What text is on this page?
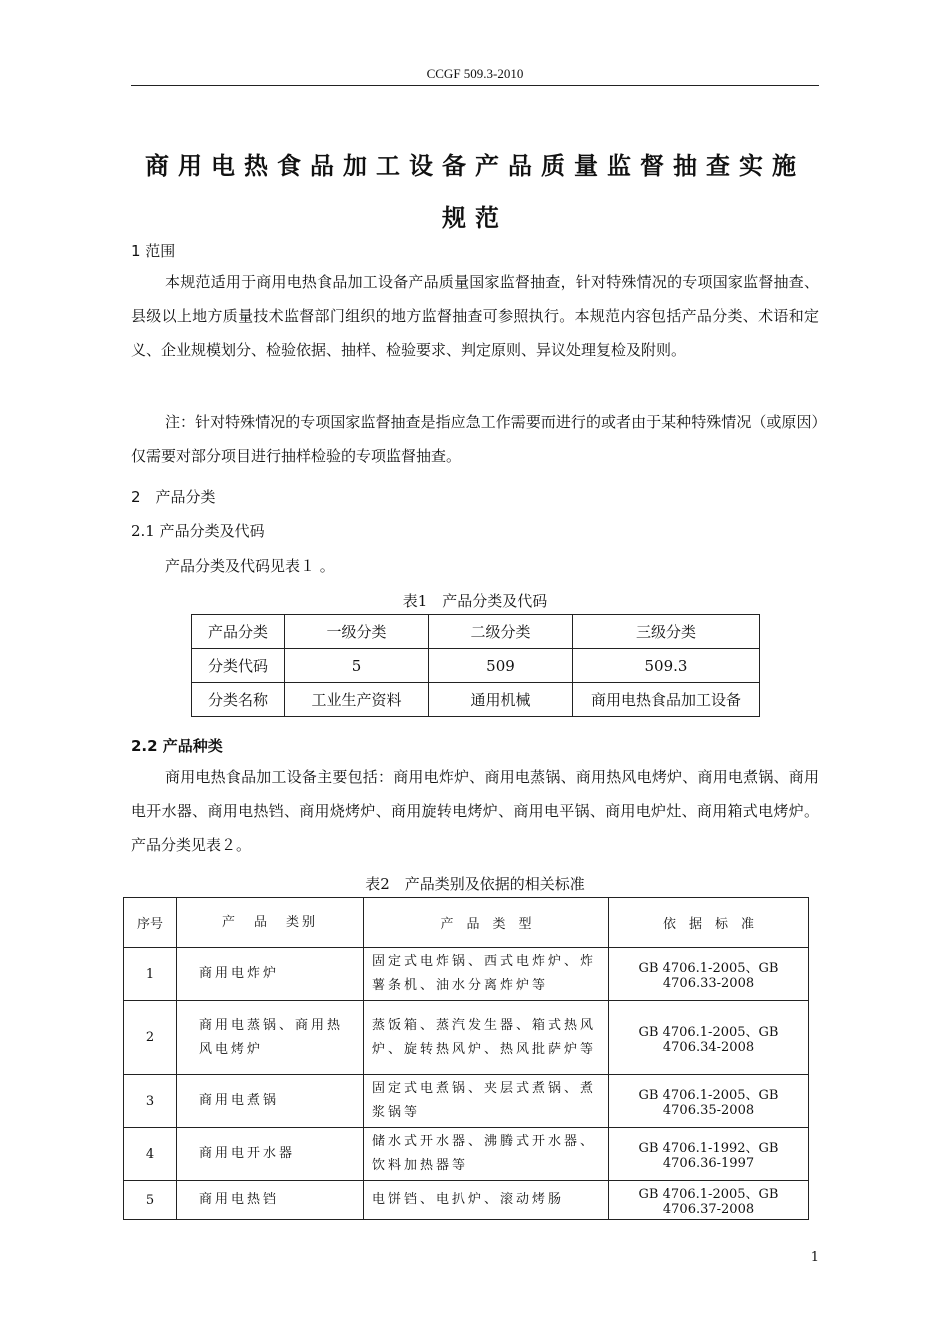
CCGF 509.3-2010
商用电热食品加工设备产品质量监督抽查实施
规范
1 范围
本规范适用于商用电热食品加工设备产品质量国家监督抽查，针对特殊情况的专项国家监督抽查、县级以上地方质量技术监督部门组织的地方监督抽查可参照执行。本规范内容包括产品分类、术语和定义、企业规模划分、检验依据、抽样、检验要求、判定原则、异议处理复检及附则。
注：针对特殊情况的专项国家监督抽查是指应急工作需要而进行的或者由于某种特殊情况（或原因）仅需要对部分项目进行抽样检验的专项监督抽查。
2　产品分类
2.1 产品分类及代码
产品分类及代码见表１ 。
表1　产品分类及代码
产品分类	一级分类	二级分类	三级分类
分类代码	5	509	509.3
分类名称	工业生产资料	通用机械	商用电热食品加工设备
2.2 产品种类
商用电热食品加工设备主要包括：商用电炸炉、商用电蒸锅、商用热风电烤炉、商用电煮锅、商用电开水器、商用电热铛、商用烧烤炉、商用旋转电烤炉、商用电平锅、商用电炉灶、商用箱式电烤炉。产品分类见表２。
表2　产品类别及依据的相关标准
序号	产　品　类别	产　品　类　型	依　据　标　准
1	商用电炸炉	固定式电炸锅、西式电炸炉、炸薯条机、油水分离炸炉等	GB 4706.1-2005、GB 4706.33-2008
2	商用电蒸锅、商用热风电烤炉	蒸饭箱、蒸汽发生器、箱式热风炉、旋转热风炉、热风批萨炉等	GB 4706.1-2005、GB 4706.34-2008
3	商用电煮锅	固定式电煮锅、夹层式煮锅、煮浆锅等	GB 4706.1-2005、GB 4706.35-2008
4	商用电开水器	储水式开水器、沸腾式开水器、饮料加热器等	GB 4706.1-1992、GB 4706.36-1997
5	商用电热铛	电饼铛、电扒炉、滚动烤肠	GB 4706.1-2005、GB 4706.37-2008
1
